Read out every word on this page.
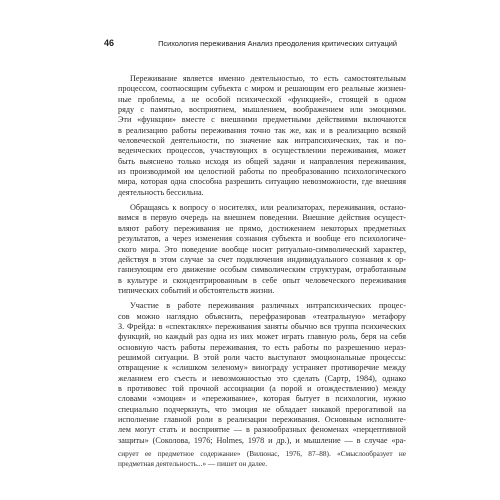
46	Психология переживания Анализ преодоления критических ситуаций
Переживание является именно деятельностью, то есть самостоятельным
процессом, соотносящим субъекта с миром и решающим его реальные жизнен-
ные проблемы, а не особой психической «функцией», стоящей в одном
ряду с памятью, восприятием, мышлением, воображением или эмоциями.
Эти «функции» вместе с внешними предметными действиями включаются
в реализацию работы переживания точно так же, как и в реализацию всякой
человеческой деятельности, по значение как интрапсихических, так и по-
веденческих процессов, участвующих в осуществлении переживания, может
быть выяснено только исходя из общей задачи и направления переживания,
из производимой им целостной работы по преобразованию психологического
мира, которая одна способна разрешить ситуацию невозможности, где внешняя
деятельность бессильна.
Обращаясь к вопросу о носителях, или реализаторах, переживания, остано-
вимся в первую очередь на внешнем поведении. Внешние действия осущест-
вляют работу переживания не прямо, достижением некоторых предметных
результатов, а через изменения сознания субъекта и вообще его психологиче-
ского мира. Это поведение вообще носит ритуально-символический характер,
действуя в этом случае за счет подключения индивидуального сознания к ор-
ганизующим его движение особым символическим структурам, отработанным
в культуре и скондентрированным в себе опыт человеческого переживания
типических событий и обстоятельств жизни.
Участие в работе переживания различных интрапсихических процес-
сов можно наглядно объяснить, перефразировав «театральную» метафору
З. Фрейда: в «спектаклях» переживания заняты обычно вся труппа психических
функций, но каждый раз одна из них может играть главную роль, беря на себя
основную часть работы переживания, то есть работы по разрешению нераз-
решимой ситуации. В этой роли часто выступают эмоциональные процессы:
отвращение к «слишком зеленому» винограду устраняет противоречие между
желанием его съесть и невозможностью это сделать (Сартр, 1984), однако
в противовес той прочной ассоциации (а порой и отождествлению) между
словами «эмоция» и «переживание», которая бытует в психологии, нужно
специально подчеркнуть, что эмоция не обладает никакой прерогативой на
исполнение главной роли в реализации переживания. Основным исполните-
лем могут стать и восприятие — в разнообразных феноменах «перцептивной
защиты» (Соколова, 1976; Holmes, 1978 и др.), и мышление — в случае «ра-
сирует ее предметное содержание» (Вилюнас, 1976, 87–88). «Смыслообразует не
предметная деятельность...» — пишет он далее.
